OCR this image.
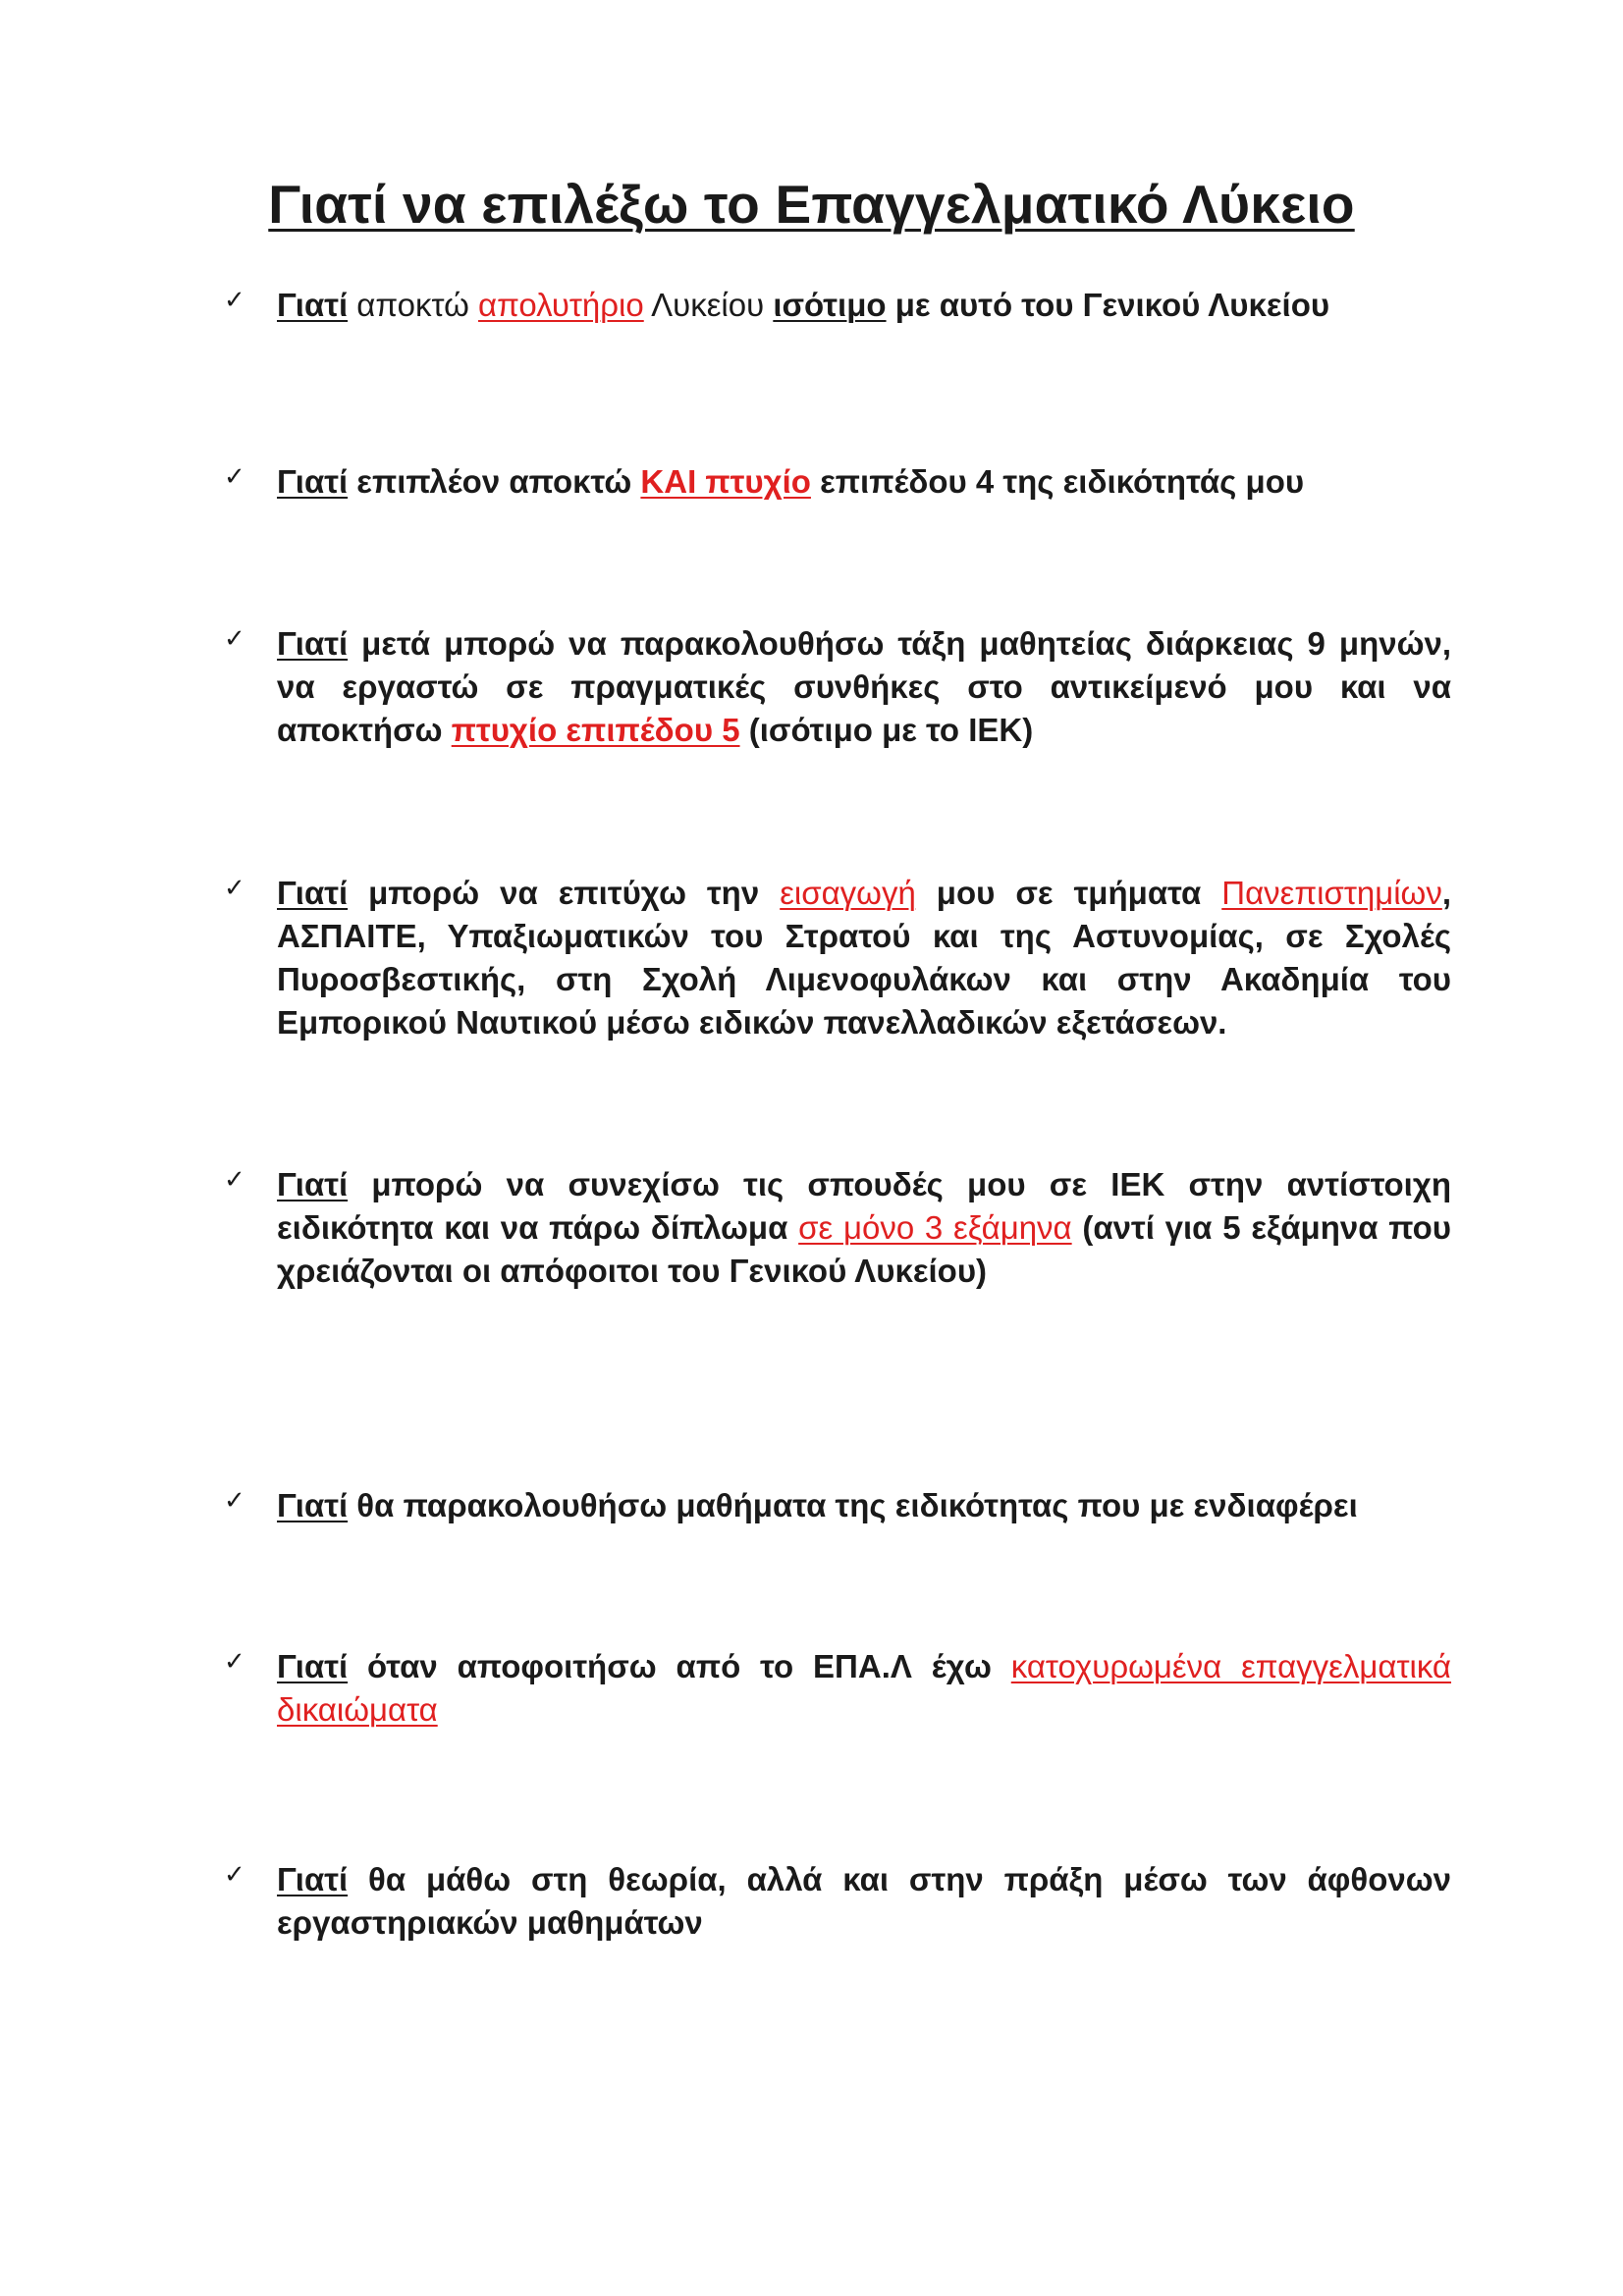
Γιατί να επιλέξω το Επαγγελματικό Λύκειο
✓ Γιατί αποκτώ απολυτήριο Λυκείου ισότιμο με αυτό του Γενικού Λυκείου
✓ Γιατί επιπλέον αποκτώ ΚΑΙ πτυχίο επιπέδου 4 της ειδικότητάς μου
✓ Γιατί μετά μπορώ να παρακολουθήσω τάξη μαθητείας διάρκειας 9 μηνών, να εργαστώ σε πραγματικές συνθήκες στο αντικείμενό μου και να αποκτήσω πτυχίο επιπέδου 5 (ισότιμο με το ΙΕΚ)
✓ Γιατί μπορώ να επιτύχω την εισαγωγή μου σε τμήματα Πανεπιστημίων, ΑΣΠΑΙΤΕ, Υπαξιωματικών του Στρατού και της Αστυνομίας, σε Σχολές Πυροσβεστικής, στη Σχολή Λιμενοφυλάκων και στην Ακαδημία του Εμπορικού Ναυτικού μέσω ειδικών πανελλαδικών εξετάσεων.
✓ Γιατί μπορώ να συνεχίσω τις σπουδές μου σε ΙΕΚ στην αντίστοιχη ειδικότητα και να πάρω δίπλωμα σε μόνο 3 εξάμηνα (αντί για 5 εξάμηνα που χρειάζονται οι απόφοιτοι του Γενικού Λυκείου)
✓ Γιατί θα παρακολουθήσω μαθήματα της ειδικότητας που με ενδιαφέρει
✓ Γιατί όταν αποφοιτήσω από το ΕΠΑ.Λ έχω κατοχυρωμένα επαγγελματικά δικαιώματα
✓ Γιατί θα μάθω στη θεωρία, αλλά και στην πράξη μέσω των άφθονων εργαστηριακών μαθημάτων
